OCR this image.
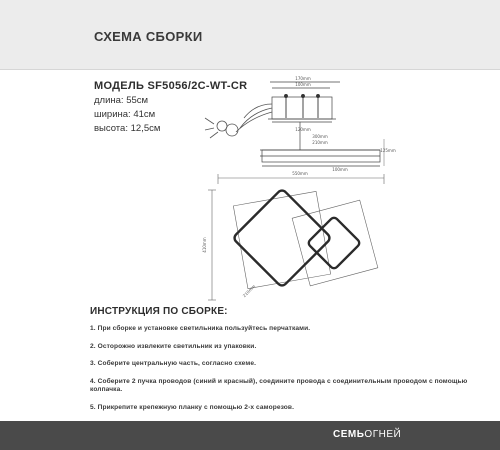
СХЕМА СБОРКИ
МОДЕЛЬ SF5056/2C-WT-CR
длина: 55см
ширина: 41см
высота: 12,5см
170mm
100mm
120mm
300mm
210mm
100mm
125mm
550mm
410mm
210mm
ИНСТРУКЦИЯ ПО СБОРКЕ:
1. При сборке и установке светильника пользуйтесь перчатками.
2. Осторожно извлеките светильник из упаковки.
3. Соберите центральную часть, согласно схеме.
4. Соберите 2 пучка проводов (синий и красный), соедините провода с соединительным проводом с помощью колпачка.
5. Прикрепите крепежную планку с помощью 2-х саморезов.
СЕМЬОГНЕЙ
